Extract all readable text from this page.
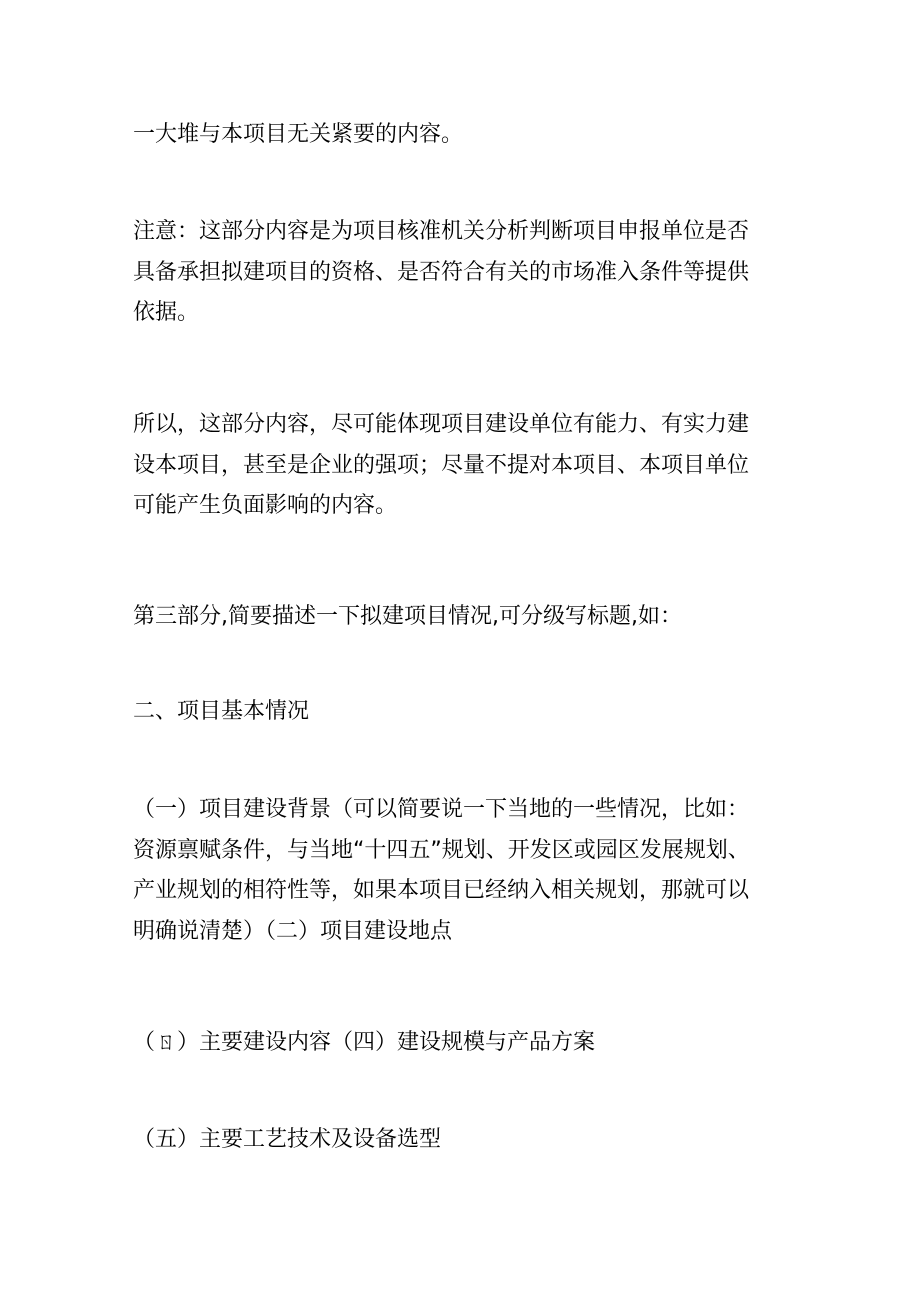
一大堆与本项目无关紧要的内容。
注意：这部分内容是为项目核准机关分析判断项目申报单位是否
具备承担拟建项目的资格、是否符合有关的市场准入条件等提供
依据。
所以，这部分内容，尽可能体现项目建设单位有能力、有实力建
设本项目，甚至是企业的强项；尽量不提对本项目、本项目单位
可能产生负面影响的内容。
第三部分,简要描述一下拟建项目情况,可分级写标题,如：
二、项目基本情况
（一）项目建设背景（可以简要说一下当地的一些情况，比如：
资源禀赋条件，与当地“十四五”规划、开发区或园区发展规划、
产业规划的相符性等，如果本项目已经纳入相关规划，那就可以
明确说清楚）（二）项目建设地点
（ㄖ）主要建设内容（四）建设规模与产品方案
（五）主要工艺技术及设备选型
